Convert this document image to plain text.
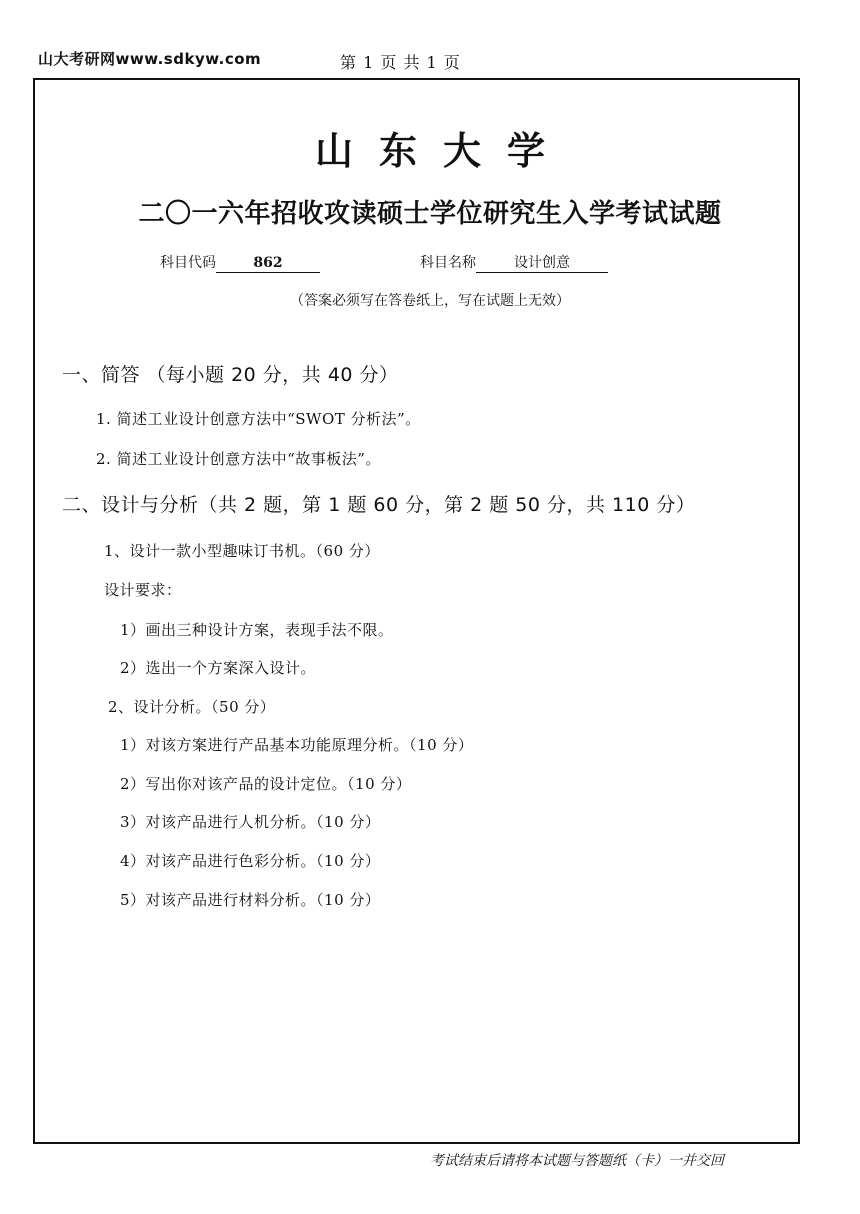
山大考研网www.sdkyw.com	第 1 页 共 1 页
山东大学
二〇一六年招收攻读硕士学位研究生入学考试试题
科目代码	862	科目名称	设计创意
（答案必须写在答卷纸上，写在试题上无效）
一、简答 （每小题 20 分，共 40 分）
1. 简述工业设计创意方法中“SWOT 分析法”。
2. 简述工业设计创意方法中“故事板法”。
二、设计与分析（共 2 题，第 1 题 60 分，第 2 题 50 分，共 110 分）
1、设计一款小型趣味订书机。（60 分）
设计要求：
1）画出三种设计方案，表现手法不限。
2）选出一个方案深入设计。
2、设计分析。（50 分）
1）对该方案进行产品基本功能原理分析。（10 分）
2）写出你对该产品的设计定位。（10 分）
3）对该产品进行人机分析。（10 分）
4）对该产品进行色彩分析。（10 分）
5）对该产品进行材料分析。（10 分）
考试结束后请将本试题与答题纸（卡）一并交回
